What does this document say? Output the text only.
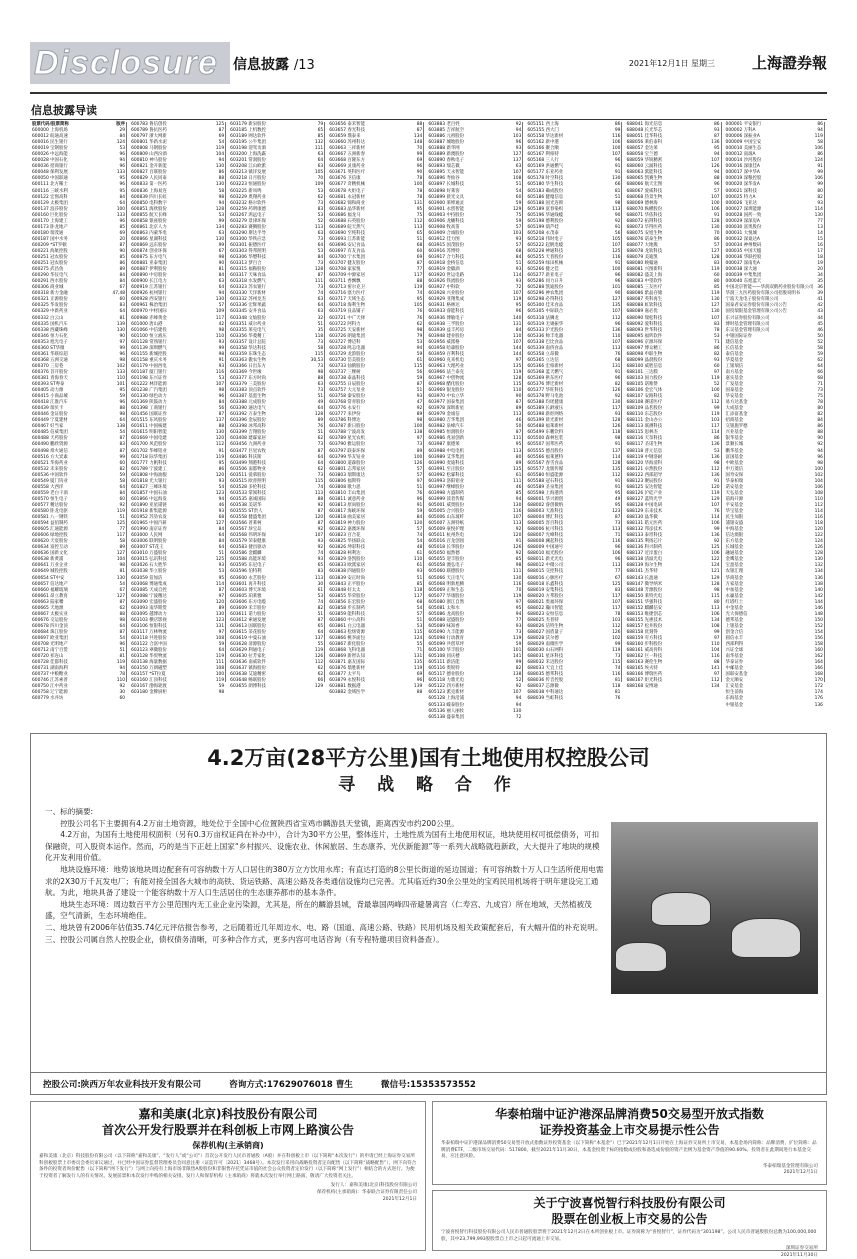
Disclosure	信息披露 /13	2021年12月1日 星期三 上海證券報
信息披露导读
股票代码/股票简称	版序
600000 上海机场	29
600012 皖通高速	84
600016 民生银行	124
600019 宝钢股份	53
600026 中远海能	96
600028 中国石化	94
600036 招商银行	96
600048 保利发展	133
600050 中国联通	95
600111 北方稀土	96
600116 三峡水利	95
600122 宏图高科	84
600129 太极集团	64
600137 浪莎股份	100
600160 巨化股份	133
600170 上海建工	96
600173 卧龙地产	85
600180 瑞茂通	69
600187 国中水务	20
600209 *ST罗顿	87
600221 海航控股	90
600251 冠农股份	85
600251 冠农股份	86
600275 武昌鱼	89
600290 华仪电气	84
600291 西水股份	84
600306 商业城	67
600318 新力金融	47,48
600321 正源股份	60
600325 华发股份	83
600329 中新药业	64
600332 白云山	81
600335 国机汽车	139
600338 西藏珠峰	130
600346 恒力石化	90
600353 旭光电子	97
600360 ST华微	99
600361 华联综超	96
600368 五洲交通	98
600370 三房巷	102
600376 首开股份	133
600381 青海春天	110
600393 ST粤泰	101
600405 动力源	95
600415 小商品城	59
600418 江淮汽车	96
600439 瑞贝卡	88
600446 金证股份	98
600449 宁夏建材	64
600467 好当家	138
600485 信威集团	54
600488 天药股份	87
600490 鹏欣资源	83
600498 烽火通信	87
600516 方大炭素	99
600521 华海药业	60
600532 未来股份	82
600536 中国软件	59
600549 厦门钨业	58
600558 大西洋	64
600559 老白干酒	84
600570 恒生电子	60
600577 精达股份	92
600580 卧龙电驱	119
600581 八一钢铁	51
600594 益佰制药	125
600605 汇通能源	77
600606 绿地控股	117
600620 天宸股份	58
600634 富控互动	89
600636 国新文化	127
600638 新黄浦	104
600641 万业企业	98
600649 城投控股	81
600654 ST中安	130
600657 信达地产	54
600660 福耀玻璃	67
600661 昂立教育	127
600663 陆家嘴	87
600665 天地源	62
600667 太极实业	88
600676 交运股份	98
600678 四川金顶	64
600684 珠江股份	87
600697 欧亚集团	54
600708 光明地产	96
600712 南宁百货	51
600720 祁连山	81
600728 佳都科技	119
600731 湖南海利	94
600737 中粮糖业	78
600746 江苏索普	110
600750 江中药业	92
600758 辽宁能源	30
600779 水井坊	60
600783 鲁信创投	125
600789 鲁抗医药	87
600797 浙大网新	69
600801 华新水泥	54
600808 马钢股份	119
600809 山西汾酒	104
600810 神马股份	94
600821 金开新能	130
600827 百联股份	86
600829 人民同泰	88
600833 第一医药	130
600836 上海易连	58
600839 四川长虹	98
600850 电科数字	94
600851 海欣股份	128
600855 航天长峰	53
600858 银座股份	99
600861 北京人力	134
600863 内蒙华电	63
600866 星湖科技	130
600869 远东股份	99
600874 创业环保	67
600875 东方电气	98
600881 亚泰集团	90
600887 伊利股份	81
600890 中房股份	84
600900 长江电力	63
600919 江苏银行	64
600926 杭州银行	94
600928 西安银行	130
600961 株冶集团	57
600970 中材国际	109
600988 赤峰黄金	117
601000 唐山港	42
601066 中信建投	98
601100 恒立液压	110
601128 常熟银行	93
601139 深圳燃气	99
601155 新城控股	98
601158 重庆水务	91
601179 中国西电	93
601187 厦门银行	116
601198 东兴证券	53
601222 林洋能源	107
601238 广汽集团	98
601330 绿色动力	96
601369 陕鼓动力	84
601398 工商银行	56
601456 国联证券	87
601515 东风股份	137
601611 中国核建	88
601615 明阳智能	130
601669 中国电建	120
601700 风范股份	112
601702 华峰铝业	91
601718 际华集团	119
601777 力帆科技	95
601789 宁波建工	86
601808 中海油服	120
601818 光大银行	93
601827 三峰环境	54
601857 中国石油	123
601866 中远海发	94
601890 亚星锚链	46
601918 新集能源	93
601952 苏垦农发	68
601965 中国汽研	127
601990 南京证券	84
603000 人民网	64
603006 联明股份	84
603007 ST花王	64
603010 万盛股份	51
603015 弘讯科技	125
603026 石大胜华	93
603038 华立股份	53
603059 倍加洁	95
603068 博通集成	114
603085 天成自控	87
603088 宁波精达	97
603090 宏盛股份	120
603093 南华期货	89
603095 越博动力	130
603103 横店影视	123
603106 恒银科技	131
603117 万林物流	97
603118 共进股份	108
603122 合富中国	59
603123 翠微股份	64
603128 华贸物流	119
603138 海量数据	111
603150 万朗磁塑	108
603157 *ST拉夏	100
603160 汇顶科技	119
603167 渤海轮渡	59
603180 金牌厨柜	98
603179 新泉股份	79
603185 上机数控	65
603189 网达软件	85
603195 公牛集团	132
603198 迎驾贡酒	111
603200 上海洗霸	63
603201 常润股份	64
603208 江山欧派	63
603213 镇洋发展	105
603218 日月股份	70
603223 恒通股份	109
603225 新凤鸣	53
603229 奥翔药业	62
603232 格尔软件	73
603259 药明康德	83
603267 鸿远电子	53
603279 景津环保	52
603283 赛腾股份	113
603290 斯达半导	63
603300 华铁应急	73
603301 振德医疗	64
603303 得邦照明	53
603306 华懋科技	84
603313 梦百合	73
603315 福鞍股份	128
603317 天味食品	87
603318 水发燃气	111
603323 苏农银行	73
603330 天洋新材	74
603332 苏州龙杰	63
603336 宏辉果蔬	64
603345 安井食品	63
603348 文灿股份	32
603351 威尔药业	51
603355 莱克电气	35
603356 华菱精工	118
603357 设计总院	73
603358 华达科技	58
603359 东珠生态	115
603363 傲农生物	30,53
603366 日出东方	73
603369 今世缘	98
603377 东方时尚	88
603379 三美股份	63
603383 顶点软件	73
603387 基蛋生物	51
603388 元成股份	49
603390 通达电气	64
603392 万泰生物	128
603396 金辰股份	89
603398 沐邦高科	76
603399 吉翔股份	51
603408 建霖家居	62
603456 九洲药业	73
603477 巨星农牧	87
603486 科沃斯	64
603499 翔港科技	64
603506 南都物业	62
603511 爱慕股份	73
603515 欧普照明	115
603528 多伦科技	74
603533 掌阅科技	113
603535 嘉诚国际	88
603538 美诺华	92
603555 ST贵人	87
603558 健盛集团	120
603566 普莱柯	87
603567 珍宝岛	92
603568 伟明环保	107
603579 荣泰健康	93
603583 捷昌驱动	92
603586 金麒麟	74
603588 高能环境	93
603595 东尼电子	65
603596 伯特利	83
603600 永艺股份	113
603601 再升科技	30
603603 博天环境	61
603605 珀莱雅	53
603606 东方电缆	74
603609 禾丰股份	82
603611 诺力股份	51
603612 索通发展	87
603613 国联股份	65
603615 茶花股份	64
603619 中曼石油	137
603628 清源股份	55
603629 利通电子	119
603630 拉芳家化	126
603636 南威软件	112
603637 镇海股份	62
603638 艾迪精密	62
603648 畅联股份	66
603655 朗博科技	129
603656 泰禾智能	88
603657 春光科技	87
603659 璞泰来	134
603660 苏州科达	148
603663 三祥新材	70
603667 五洲新春	99
603668 百隆东方	69
603669 灵康药业	96
603671 英科医疗	90
603676 卫信康	78
603677 奇精机械	100
603678 火炬电子	78
603681 永冠新材	78
603682 锦和商业	131
603683 晶华新材	95
603686 福龙马	75
603688 石英股份	112
603689 皖天然气	113
603690 至纯科技	65
603693 江苏新能	51
603696 安记食品	68
603697 有友食品	60
603700 宁水集团	69
603707 健友股份	87
603708 家家悦	77
603709 中源家居	117
603711 香飘飘	88
603713 密尔克卫	119
603716 塞力医疗	74
603717 天域生态	95
603718 海利生物	105
603719 良品铺子	76
603721 中广天择	76
603722 阿科力	62
603725 天安新材	98
603726 朗迪集团	79
603727 博迈科	53
603728 鸣志电器	94
603729 龙韵股份	59
603730 岱美股份	61
603733 仙鹤股份	115
603737 三棵树	56
603738 泰晶科技	59
603755 日辰股份	87
603757 大元泵业	51
603758 秦安股份	93
603768 常青股份	47
603776 永安行	92
603777 来伊份	89
603786 科博达	98
603787 新日股份	100
603788 宁波高发	138
603789 星光农机	97
603790 雅运股份	73
603797 联泰环保	89
603799 华友钴业	100
603800 道森股份	126
603801 志邦家居	57
603803 瑞斯康达	57
603806 福斯特	97
603808 歌力思	51
603810 丰山集团	76
603811 诚意药业	96
603813 原尚股份	91
603817 海峡环保	59
603818 曲美家居	84
603819 神力股份	120
603822 嘉澳环保	57
603823 百合花	74
603825 华扬联众	54
603826 坤彩科技	48
603828 柯利达	61
603829 洛凯股份	110
603833 欧派家居	61
603838 四通股份	93
603839 安正时尚	51
603843 正平股份	85
603848 好太太	118
603855 华荣股份	117
603856 东宏股份	68
603858 步长制药	54
603859 能科科技	57
603860 中公高科	51
603861 白云电器	53
603863 松炀资源	115
603866 桃李面包	124
603867 新化股份	55
603868 飞科电器	71
603869 新智认知	131
603871 嘉友国际	135
603876 鼎胜新材	119
603877 太平鸟	69
603879 永悦科技	96
603881 数据港	139
603882 金域医学	88
603883 老百姓	92
603885 吉祥航空	94
603886 元祖股份	103
603887 城地股份	96
603888 新华网	93
603889 新澳股份	127
603890 春秋电子	137
603893 瑞芯微	63
603895 天永智能	107
603896 寿仙谷	108
603897 长城科技	51
603898 好莱客	54
603899 晨光文具	60
603900 莱绅通灵	59
603901 永创智能	129
603903 中持股份	75
603906 龙蟠科技	59
603908 牧高笛	57
603909 合诚股份	103
603912 佳力图	93
603915 国茂股份	57
603916 苏博特	68
603917 合力科技	84
603918 金桥信息	51
603919 金徽酒	93
603920 世运电路	114
603926 铁流股份	93
603927 中科软	72
603928 兴业股份	107
603929 亚翔集成	119
603931 格林达	95
603933 睿能科技	96
603936 博敏电子	140
603938 三孚股份	131
603939 益丰药房	84
603948 建业股份	110
603956 威派格	107
603958 哈森股份	144
603959 百利科技	144
603960 克来机电	97
603963 大理药业	135
603966 法兰泰克	119
603967 中创物流	128
603968 醋化股份	115
603969 银龙股份	110
603970 中农立华	90
603977 国泰集团	87
603978 深圳新星	89
603979 金诚信	113
603980 吉华集团	46
603982 泉峰汽车	50
603985 恒润股份	87
603986 兆易创新	111
603987 康德莱	95
603988 中电电机	113
603989 艾华集团	80
603990 麦迪科技	89
603991 至正股份	135
603992 松霖科技	61
603993 洛阳钼业	111
603997 继峰股份	46
603998 方盛制药	85
603999 读者传媒	94
605001 威奥股份	130
605005 合兴股份	116
605006 山东玻纤	107
605007 五洲特纸	113
605009 豪悦护理	92
605011 杭州热电	120
605016 百龙创园	91
605018 长华股份	126
605050 福然德	92
605055 迎丰股份	85
605058 澳弘电子	98
605060 联德股份	111
605066 天正电气	130
605068 明新旭腾	116
605069 正和生态	70
605077 华康股份	119
605080 浙江自然	97
605081 太和水	95
605086 龙高股份	94
605088 冠盛股份	77
605089 味知香	93
605090 九丰能源	73
605098 行动教育	119
605099 共创草坪	59
605100 华丰股份	101
605108 同庆楼	141
605111 新洁能	99
605116 奥锐特	82
605117 德业股份	138
605118 力鼎光电	52
605122 四方新材	92
605123 派克新材	107
605128 上海沿浦	94
605133 嵘泰股份	94
605136 丽人丽妆	130
605138 盛泰集团	72
605151 西上海	86
605155 西大门	99
605158 华达新材	116
605162 新中港	106
605166 聚合顺	100
605167 利柏特	107
605168 三人行	96
605169 洪通燃气	91
605177 东亚药业	91
605178 时空科技	130
605180 华生科技	66
605183 确成股份	81
605186 健麾信息	51
605188 国光连锁	98
605189 富春染织	113
605196 华通线缆	90
605198 德利股份	92
605199 葫芦娃	91
605208 永茂泰	56
605218 伟时电子	105
605222 起帆电缆	107
605228 神通科技	125
605255 天普股份	116
605259 绿田机械	91
605266 健之佳	100
605277 新亚电子	96
605286 同力日升	96
605288 凯迪股份	101
605296 神农集团	90
605298 必得科技	127
605300 佳禾食品	135
605305 中际联合	107
605318 法狮龙	112
605319 无锡振华	96
605333 沪光股份	136
605336 帅丰电器	110
605338 巴比食品	107
605339 南侨食品	113
605358 立昂微	76
605365 立达信	68
605366 宏柏新材	131
605368 蓝天燃气	91
605369 拱东医疗	96
605376 博迁新材	82
605377 华旺科技	126
605378 野马电池	92
605388 均瑶健康	130
605389 长龄液压	117
605398 新炬网络	93
605399 晨光新材	128
605488 福莱新材	126
605499 东鹏饮料	118
605500 森林包装	98
605507 国邦医药	91
605555 德昌股份	137
605566 福莱蒽特	114
605567 春雪食品	128
605577 龙版传媒	135
605580 恒盛能源	112
605588 冠石科技	91
605589 圣泉集团	91
605598 上海港湾	95
688001 华兴源创	49
688002 睿创微纳	95
688003 天准科技	123
688004 博汇科技	87
688005 容百科技	73
688006 杭可科技	113
688007 光峰科技	71
688008 澜起科技	116
688009 中国通号	96
688010 福光股份	106
688011 新光光电	96
688012 中微公司	113
688015 交控科技	77
688016 心脉医疗	67
688018 乐鑫科技	125
688019 安集科技	83
688020 方邦股份	117
688021 奥福环保	107
688022 瀚川智能	117
688023 安恒信息	78
688025 杰普特	103
688026 洁特生物	112
688027 国盾量子	126
688028 沃尔德	102
688029 南微医学	99
688030 山石网科	119
688031 星环科技	73
688032 禾迈股份	115
688033 天宜上佳	74
688035 德邦科技	116
688036 传音控股	81
688037 芯源微	118
688038 中科通达	81
688039 当虹科技	76
688041 海光信息	86
688048 长光华芯	93
688051 佳华科技	87
688056 莱伯泰科	136
688057 金达莱	95
688058 宝兰德	94
688059 华锐精密	107
688060 云涌科技	126
688063 派能科技	94
688065 凯赛生物	88
688066 航天宏图	96
688067 爱威科技	57
688068 热景生物	107
688069 德林海	100
688070 纵横股份	106
688071 华依科技	91
688072 拓荆科技	128
688073 毕得医药	130
688075 安旭生物	70
688076 诺泰生物	86
688077 大地熊	57
688078 龙软科技	127
688079 美迪凯	128
688080 映翰通	83
688081 兴图新科	119
688082 盛美上海	60
688083 中望软件	80
688085 三友医疗	85
688086 紫晶存储	119
688087 英科再生	130
688088 虹软科技	127
688089 嘉必优	130
688090 瑞松科技	107
688092 爱科科技	83
688093 世华科技	78
688095 福昕软件	53
688096 京源环保	71
688097 博众精工	86
688098 申联生物	82
688099 晶晨股份	93
688100 威胜信息	60
688101 三达膜	97
688103 国力股份	119
688105 诺唯赞	52
688106 金宏气体	100
688107 安路科技	82
688108 赛诺医疗	112
688109 品茗股份	99
688110 东芯股份	119
688111 金山办公	103
688113 联测科技	117
688115 思林杰	114
688116 天奈科技	86
688117 圣诺生物	136
688118 普元信息	53
688119 中钢洛耐	136
688120 华海清科	98
688121 卓然股份	112
688122 西部超导	136
688123 聚辰股份	91
688125 安达智能	120
688126 沪硅产业	119
688127 蓝特光学	129
688128 中国电研	107
688129 东来技术	76
688130 晶华微	114
688131 皓元医药	106
688132 邦彦技术	99
688133 泰坦科技	136
688135 利扬芯片	92
688136 科兴制药	125
688137 近岸蛋白	106
688138 清溢光电	122
688139 海尔生物	124
688141 杰华特	121
688143 长盈通	129
688147 微导纳米	128
688148 芳源股份	98
688150 莱特光电	115
688151 华强科技	80
688152 麒麟信安	113
688153 唯捷创芯	106
688155 先惠技术	134
688157 松井股份	108
688158 优刻得	99
688159 有方科技	97
688160 步科股份	110
688161 威高骨科	104
688162 巨一科技	116
688163 赛伦生物	88
688165 埃夫特	141
688166 博瑞医药	97
688167 炬光科技	112
688168 安博通	134
000001 平安银行	86
000002 万科A	94
000006 深振业A	119
000009 中国宝安	58
000010 美丽生态	106
000012 南玻A	86
000014 沙河股份	124
000016 深康佳A	91
000017 深中华A	99
000019 深粮控股	106
000020 深华发A	99
000021 深科技	80
000025 特力A	82
000026 飞亚达	93
000027 深圳能源	114
000028 国药一致	130
000029 深深房A	77
000030 富奥股份	13
000031 大悦城	14
000032 深桑达A	15
000034 神州数码	16
000035 中国天楹	17
000036 华联控股	18
000037 深南电A	19
000038 深大通	20
000039 中集集团	34
000040 东旭蓝天	35
中国北京智能——华润双鹤药业股份有限公司 36
华润三九医药股份有限公司招股说明书	39
宁波天龙电子股份有限公司	41
国泰君安证券股份有限公司公告	42
国投瑞银基金管理有限公司公告	43
东兴证券股份有限公司	44
博时基金管理有限公司	45
东吴基金管理有限公司	46
中银国际证券	50
建信基金	52
长信基金	58
泰信基金	59
华夏基金	62
工银瑞信	64
南方基金	66
嘉实基金	68
广发基金	71
国泰基金	73
华安基金	75
易方达基金	78
大成基金	80
汇添富基金	82
招商基金	84
交银施罗德	86
兴业基金	88
银华基金	90
景顺长城	92
鹏华基金	94
富国基金	96
中欧基金	98
申万菱信	100
国寿安保	102
华泰柏瑞	104
诺安基金	106
天弘基金	108
前海开源	110
平安基金	112
华宝基金	114
民生加银	116
浦银安盛	118
中海基金	120
信达澳银	122
东方基金	124
长城基金	126
融通基金	128
金鹰基金	130
宝盈基金	132
农银汇理	134
华商基金	136
万家基金	138
中加基金	140
永赢基金	142
红塔红土	144
中金基金	146
光大保德信	148
德邦基金	150
上银基金	152
创金合信	154
圆信永丰	156
西部利得	158
兴证全球	160
南华基金	162
华泰证券	164
中邮基金	166
国联安基金	168
金元顺安	170
汇安基金	172
恒生前海	174
东海基金	176
中银基金	136
4.2万亩(28平方公里)国有土地使用权控股公司
寻 战 略 合 作

一、标的摘要:

控股公司名下主要拥有4.2万亩土地资源，地处位于全国中心位置陕西省宝鸡市麟游县天堂镇，距离西安市约200公里。

4.2万亩，为国有土地使用权面积（另有0.3万亩权证尚在补办中），合计为30平方公里，整体连片，土地性质为国有土地使用权证，地块使用权可抵偿债务，可扣保融资，可入股资本运作。然而，巧的是当下正赶上国家“乡村振兴、设施农业、休闲旅居、生态康养、光伏新能源”等一系列大战略就趋新政，大大提升了地块的规模化开发利用价值。

地块设施环境：地势该地块周边配套有可容纳数十万人口居住的380万立方饮用水库；有直达打造的8公里长街道的延边国道；有可容纳数十万人口生活所使用电需求的2X30万千瓦发电厂；有能对接全国各大城市的高铁、货运铁路、高速公路及各类通信设施均已完善。尤其临近约30余公里处的宝鸡民用机场将于明年建设完工通航。为此，地块具备了建设一个能容纳数十万人口生活居住的生态康养都市的基本条件。

地块生态环境：周边数百平方公里范围内无工业企业污染源，尤其是，所在的麟游县城，背最靠国两峰四帝避暑离宫（仁寿宫、九成宫）所在地域，天然植被茂盛，空气清新，生态环境绝佳。

二、地块曾有2006年估值35.74亿元评估报告参考，之后随着近几年周边水、电、路（国道、高速公路、铁路）民用机场及相关政策配套后，有大幅升值的补充说明。

三、控股公司属自然人控股企业，债权债务清晰，可多种合作方式，更多内容可电话咨询（有专程特邀项目资料备查）。

控股公司:陕西万年农业科技开发有限公司	咨询方式:17629076018 曹生	微信号:15353573552
嘉和美康(北京)科技股份有限公司
首次公开发行股票并在科创板上市网上路演公告
保荐机构(主承销商)
嘉和美康（北京）科技股份有限公司（以下简称“嘉和美康”、“发行人”或“公司”）首次公开发行人民币普通股（A股）并在科创板上市（以下简称“本次发行”）的申请已经上海证券交易所科创板股票上市委员会委员审议通过，并已经中国证券监督管理委员会同意注册（证监许可〔2021〕3468号）。本次发行采用向战略投资者定向配售（以下简称“战略配售”）、网下向符合条件的投资者询价配售（以下简称“网下发行”）与网上向持有上海市场非限售A股股份和非限售存托凭证市值的社会公众投资者定价发行（以下简称“网上发行”）相结合的方式进行。为便于投资者了解发行人的有关情况、发展前景和本次发行申购的相关安排，发行人和保荐机构（主承销商）将就本次发行举行网上路演，敬请广大投资者关注。
发行人：嘉和美康(北京)科技股份有限公司
保荐机构(主承销商)：华泰联合证券有限责任公司
2021年12月1日
华泰柏瑞中证沪港深品牌消费50交易型开放式指数
证券投资基金上市交易提示性公告
华泰柏瑞中证沪港深品牌消费50交易型开放式指数证券投资基金（以下简称“本基金”）已于2021年12月1日开始在上海证券交易所上市交易，本基金场内简称：品牌消费，扩位简称：品牌消费ETF，二级市场交易代码：517800。截至2021年11月30日，本基金投资于标的指数成份股和备选成份股的资产比例为基金资产净值的90.60%。投资者在此期间进行本基金交易，应注意风险。
华泰柏瑞基金管理有限公司
2021年12月1日
关于宁波喜悦智行科技股份有限公司
股票在创业板上市交易的公告
宁波喜悦智行科技股份有限公司人民币普通股股票将于2021年12月2日在本所创业板上市。证券简称为“喜悦智行”，证券代码为“301198”。公司人民币普通股股份总数为100,000,000股，其中23,799,993股股票自上市之日起可流通上市交易。
深圳证券交易所
2021年11月30日
